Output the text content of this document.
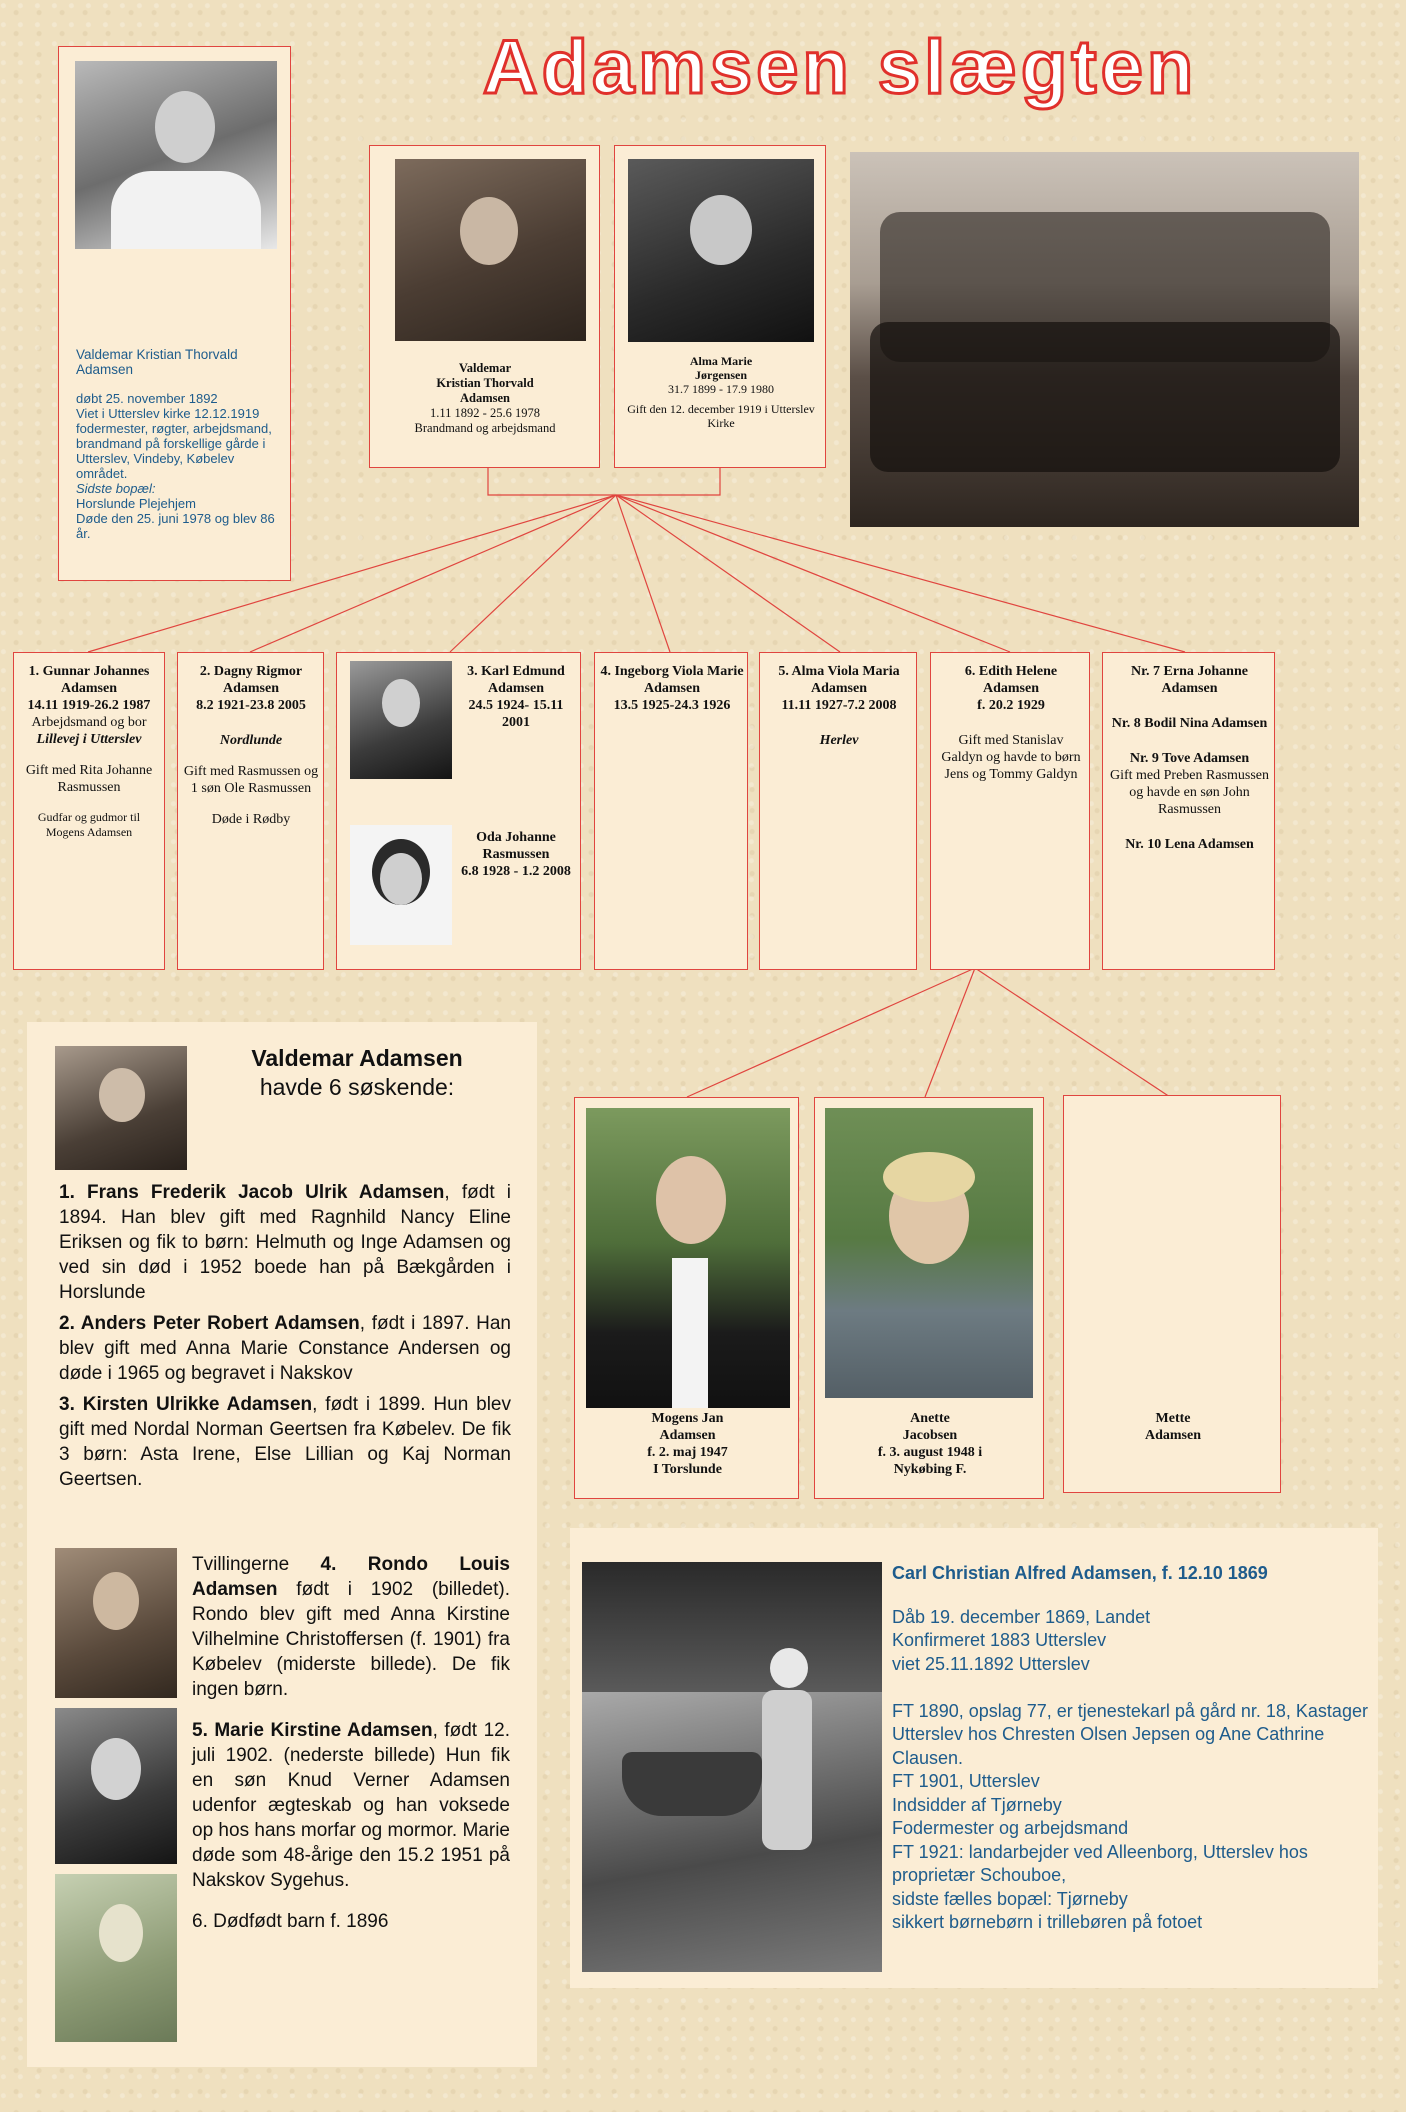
Adamsen slægten
Valdemar Kristian Thorvald Adamsen
døbt 25. november 1892
Viet i Utterslev kirke 12.12.1919
fodermester, røgter, arbejdsmand, brandmand på forskellige gårde i Utterslev, Vindeby, Købelev området.
Sidste bopæl:
Horslunde Plejehjem
Døde den 25. juni 1978 og blev 86 år.
Valdemar
Kristian Thorvald
Adamsen
1.11 1892 - 25.6 1978
Brandmand og arbejdsmand
Alma Marie
Jørgensen
31.7 1899 - 17.9 1980
Gift den 12. december 1919 i Utterslev Kirke
1. Gunnar Johannes Adamsen
14.11 1919-26.2 1987
Arbejdsmand og bor
Lillevej i Utterslev
Gift med Rita Johanne Rasmussen
Gudfar og gudmor til Mogens Adamsen
2. Dagny Rigmor Adamsen
8.2 1921-23.8 2005
Nordlunde
Gift med Rasmussen og 1 søn Ole Rasmussen
Døde i Rødby
3. Karl Edmund Adamsen
24.5 1924- 15.11 2001
Oda Johanne Rasmussen
6.8 1928 - 1.2 2008
4. Ingeborg Viola Marie Adamsen
13.5 1925-24.3 1926
5. Alma Viola Maria Adamsen
11.11 1927-7.2 2008
Herlev
6. Edith Helene Adamsen
f. 20.2 1929
Gift med Stanislav Galdyn og havde to børn Jens og Tommy Galdyn
Nr. 7 Erna Johanne Adamsen
Nr. 8 Bodil Nina Adamsen
Nr. 9 Tove Adamsen
Gift med Preben Rasmussen og havde en søn John Rasmussen
Nr. 10 Lena Adamsen
Valdemar Adamsen
havde 6 søskende:

1. Frans Frederik Jacob Ulrik Adamsen, født i 1894. Han blev gift med Ragnhild Nancy Eline Eriksen og fik to børn: Helmuth og Inge Adamsen og ved sin død i 1952 boede han på Bækgården i Horslunde

2. Anders Peter Robert Adamsen, født i 1897. Han blev gift med Anna Marie Constance Andersen og døde i 1965 og begravet i Nakskov

3. Kirsten Ulrikke Adamsen, født i 1899. Hun blev gift med Nordal Norman Geertsen fra Købelev. De fik 3 børn: Asta Irene, Else Lillian og Kaj Norman Geertsen.

Tvillingerne 4. Rondo Louis Adamsen født i 1902 (billedet). Rondo blev gift med Anna Kirstine Vilhelmine Christoffersen (f. 1901) fra Købelev (miderste billede). De fik ingen børn.

5. Marie Kirstine Adamsen, født 12. juli 1902. (nederste billede) Hun fik en søn Knud Verner Adamsen udenfor ægteskab og han voksede op hos hans morfar og mormor. Marie døde som 48-årige den 15.2 1951 på Nakskov Sygehus.

6. Dødfødt barn f. 1896

Mogens Jan
Adamsen
f. 2. maj 1947
I Torslunde
Anette
Jacobsen
f. 3. august 1948 i
Nykøbing F.
Mette
Adamsen
Carl Christian Alfred Adamsen, f. 12.10 1869
Dåb 19. december 1869, Landet
Konfirmeret 1883 Utterslev
viet 25.11.1892 Utterslev
FT 1890, opslag 77, er tjenestekarl på gård nr. 18, Kastager
Utterslev hos Chresten Olsen Jepsen og Ane Cathrine Clausen.
FT 1901, Utterslev
Indsidder af Tjørneby
Fodermester og arbejdsmand
FT 1921: landarbejder ved Alleenborg, Utterslev hos proprietær Schouboe,
sidste fælles bopæl: Tjørneby
sikkert børnebørn i trillebøren på fotoet
